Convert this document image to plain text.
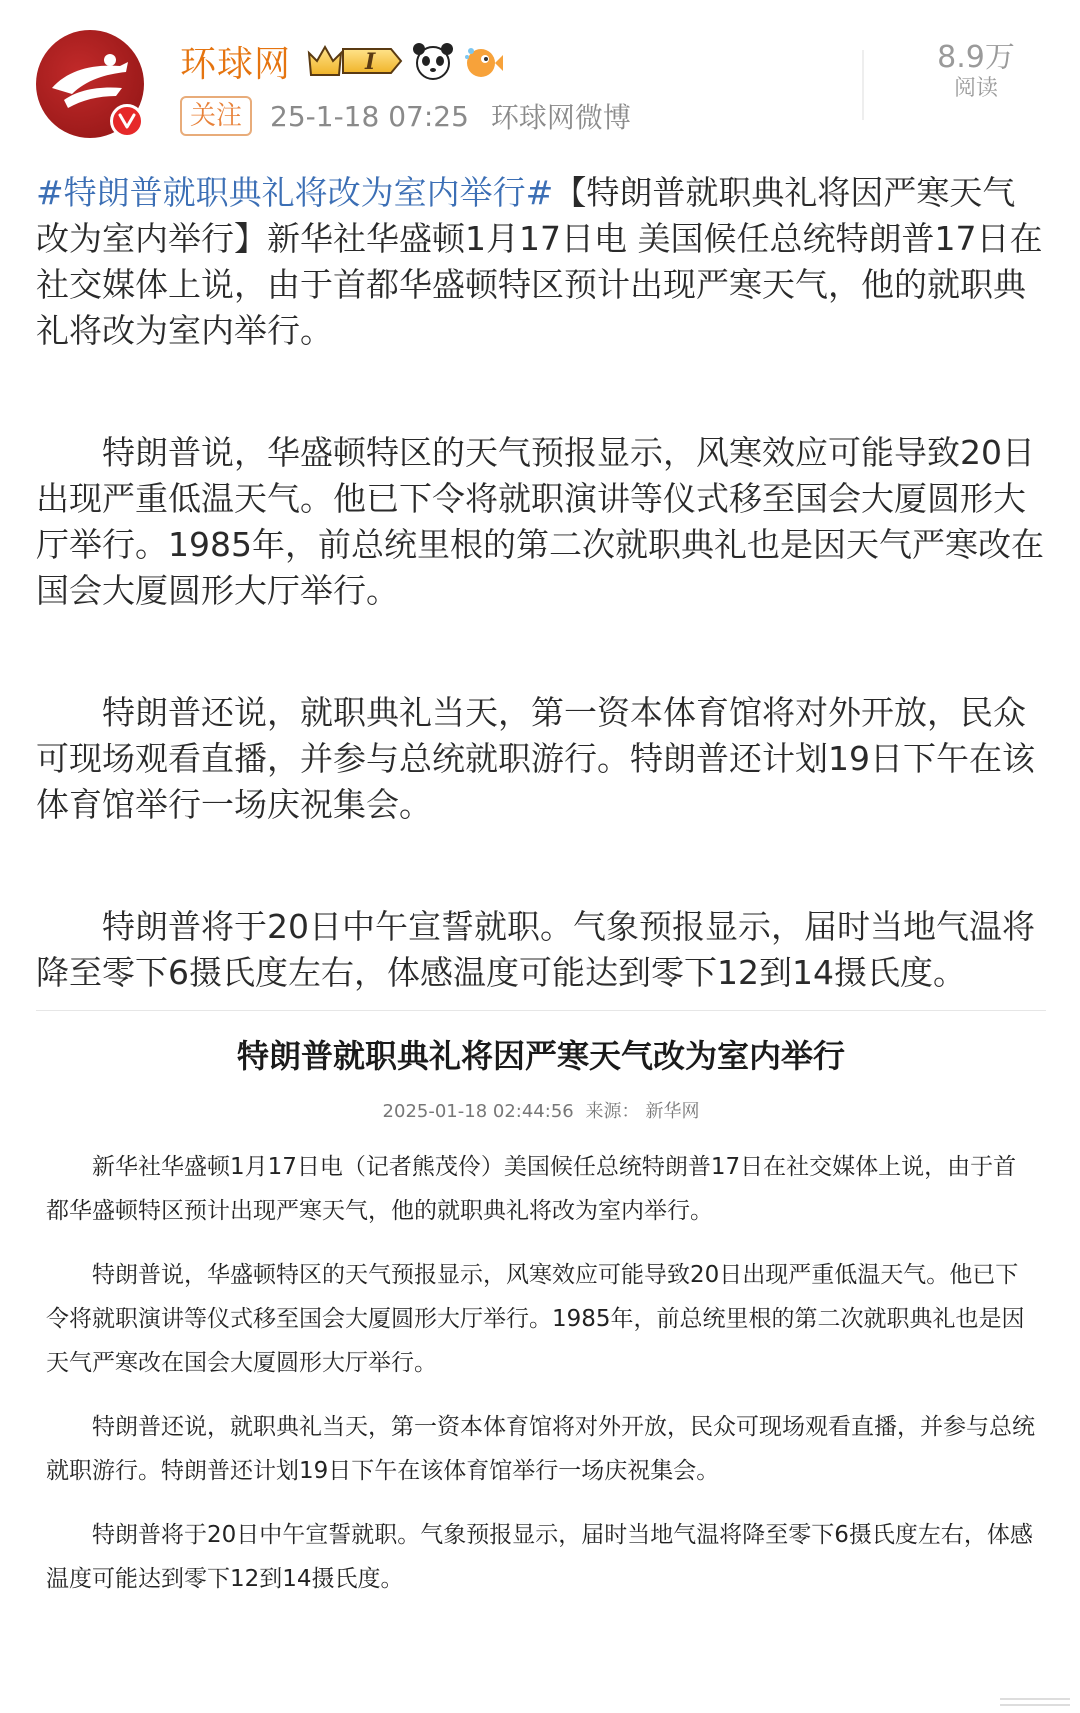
环球网	I
关注	25-1-18 07:25 环球网微博
8.9万
阅读

#特朗普就职典礼将改为室内举行#【特朗普就职典礼将因严寒天气改为室内举行】新华社华盛顿1月17日电 美国候任总统特朗普17日在社交媒体上说，由于首都华盛顿特区预计出现严寒天气，他的就职典礼将改为室内举行。

特朗普说，华盛顿特区的天气预报显示，风寒效应可能导致20日出现严重低温天气。他已下令将就职演讲等仪式移至国会大厦圆形大厅举行。1985年，前总统里根的第二次就职典礼也是因天气严寒改在国会大厦圆形大厅举行。

特朗普还说，就职典礼当天，第一资本体育馆将对外开放，民众可现场观看直播，并参与总统就职游行。特朗普还计划19日下午在该体育馆举行一场庆祝集会。

特朗普将于20日中午宣誓就职。气象预报显示，届时当地气温将降至零下6摄氏度左右，体感温度可能达到零下12到14摄氏度。

特朗普就职典礼将因严寒天气改为室内举行
2025-01-18 02:44:56 来源： 新华网

新华社华盛顿1月17日电（记者熊茂伶）美国候任总统特朗普17日在社交媒体上说，由于首都华盛顿特区预计出现严寒天气，他的就职典礼将改为室内举行。

特朗普说，华盛顿特区的天气预报显示，风寒效应可能导致20日出现严重低温天气。他已下令将就职演讲等仪式移至国会大厦圆形大厅举行。1985年，前总统里根的第二次就职典礼也是因天气严寒改在国会大厦圆形大厅举行。

特朗普还说，就职典礼当天，第一资本体育馆将对外开放，民众可现场观看直播，并参与总统就职游行。特朗普还计划19日下午在该体育馆举行一场庆祝集会。

特朗普将于20日中午宣誓就职。气象预报显示，届时当地气温将降至零下6摄氏度左右，体感温度可能达到零下12到14摄氏度。
